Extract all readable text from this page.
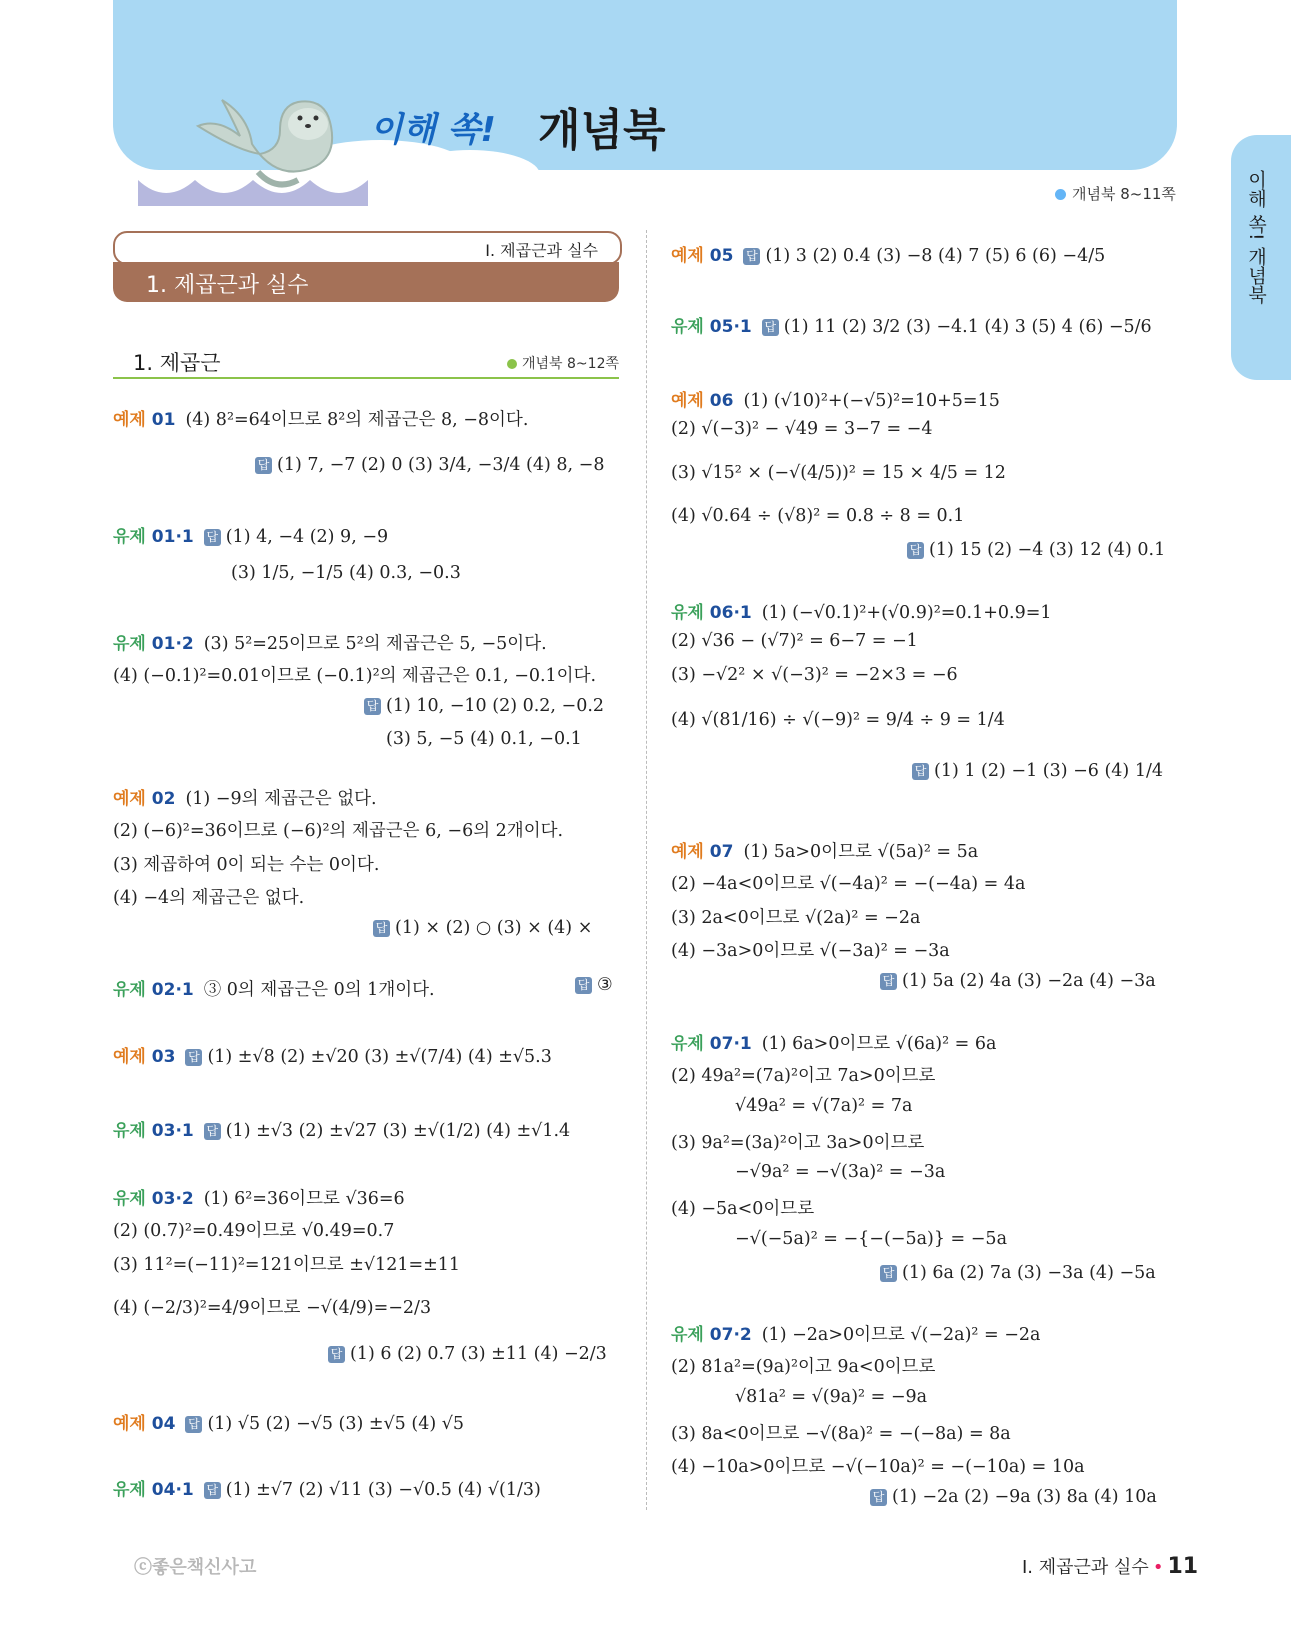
이해 쏙! 개념북
이해 쏙! 개념북
개념북 8~11쪽
Ⅰ. 제곱근과 실수
1. 제곱근과 실수
1. 제곱근	개념북 8~12쪽
예제 01 (4) 8²=64이므로 8²의 제곱근은 8, −8이다.
답 (1) 7, −7 (2) 0 (3) 3/4, −3/4 (4) 8, −8
유제 01·1 답 (1) 4, −4 (2) 9, −9
(3) 1/5, −1/5 (4) 0.3, −0.3
유제 01·2 (3) 5²=25이므로 5²의 제곱근은 5, −5이다.
(4) (−0.1)²=0.01이므로 (−0.1)²의 제곱근은 0.1, −0.1이다.
답 (1) 10, −10 (2) 0.2, −0.2
(3) 5, −5 (4) 0.1, −0.1
예제 02 (1) −9의 제곱근은 없다.
(2) (−6)²=36이므로 (−6)²의 제곱근은 6, −6의 2개이다.
(3) 제곱하여 0이 되는 수는 0이다.
(4) −4의 제곱근은 없다.
답 (1) × (2) ○ (3) × (4) ×
유제 02·1 ③ 0의 제곱근은 0의 1개이다.	답 ③
예제 03 답 (1) ±√8 (2) ±√20 (3) ±√(7/4) (4) ±√5.3
유제 03·1 답 (1) ±√3 (2) ±√27 (3) ±√(1/2) (4) ±√1.4
유제 03·2 (1) 6²=36이므로 √36=6
(2) (0.7)²=0.49이므로 √0.49=0.7
(3) 11²=(−11)²=121이므로 ±√121=±11
(4) (−2/3)²=4/9이므로 −√(4/9)=−2/3
답 (1) 6 (2) 0.7 (3) ±11 (4) −2/3
예제 04 답 (1) √5 (2) −√5 (3) ±√5 (4) √5
유제 04·1 답 (1) ±√7 (2) √11 (3) −√0.5 (4) √(1/3)
예제 05 답 (1) 3 (2) 0.4 (3) −8 (4) 7 (5) 6 (6) −4/5
유제 05·1 답 (1) 11 (2) 3/2 (3) −4.1 (4) 3 (5) 4 (6) −5/6
예제 06 (1) (√10)²+(−√5)²=10+5=15
(2) √(−3)² − √49 = 3−7 = −4
(3) √15² × (−√(4/5))² = 15 × 4/5 = 12
(4) √0.64 ÷ (√8)² = 0.8 ÷ 8 = 0.1
답 (1) 15 (2) −4 (3) 12 (4) 0.1
유제 06·1 (1) (−√0.1)²+(√0.9)²=0.1+0.9=1
(2) √36 − (√7)² = 6−7 = −1
(3) −√2² × √(−3)² = −2×3 = −6
(4) √(81/16) ÷ √(−9)² = 9/4 ÷ 9 = 1/4
답 (1) 1 (2) −1 (3) −6 (4) 1/4
예제 07 (1) 5a>0이므로 √(5a)² = 5a
(2) −4a<0이므로 √(−4a)² = −(−4a) = 4a
(3) 2a<0이므로 √(2a)² = −2a
(4) −3a>0이므로 √(−3a)² = −3a
답 (1) 5a (2) 4a (3) −2a (4) −3a
유제 07·1 (1) 6a>0이므로 √(6a)² = 6a
(2) 49a²=(7a)²이고 7a>0이므로
√49a² = √(7a)² = 7a
(3) 9a²=(3a)²이고 3a>0이므로
−√9a² = −√(3a)² = −3a
(4) −5a<0이므로
−√(−5a)² = −{−(−5a)} = −5a
답 (1) 6a (2) 7a (3) −3a (4) −5a
유제 07·2 (1) −2a>0이므로 √(−2a)² = −2a
(2) 81a²=(9a)²이고 9a<0이므로
√81a² = √(9a)² = −9a
(3) 8a<0이므로 −√(8a)² = −(−8a) = 8a
(4) −10a>0이므로 −√(−10a)² = −(−10a) = 10a
답 (1) −2a (2) −9a (3) 8a (4) 10a
ⓒ좋은책신사고	Ⅰ. 제곱근과 실수 • 11
